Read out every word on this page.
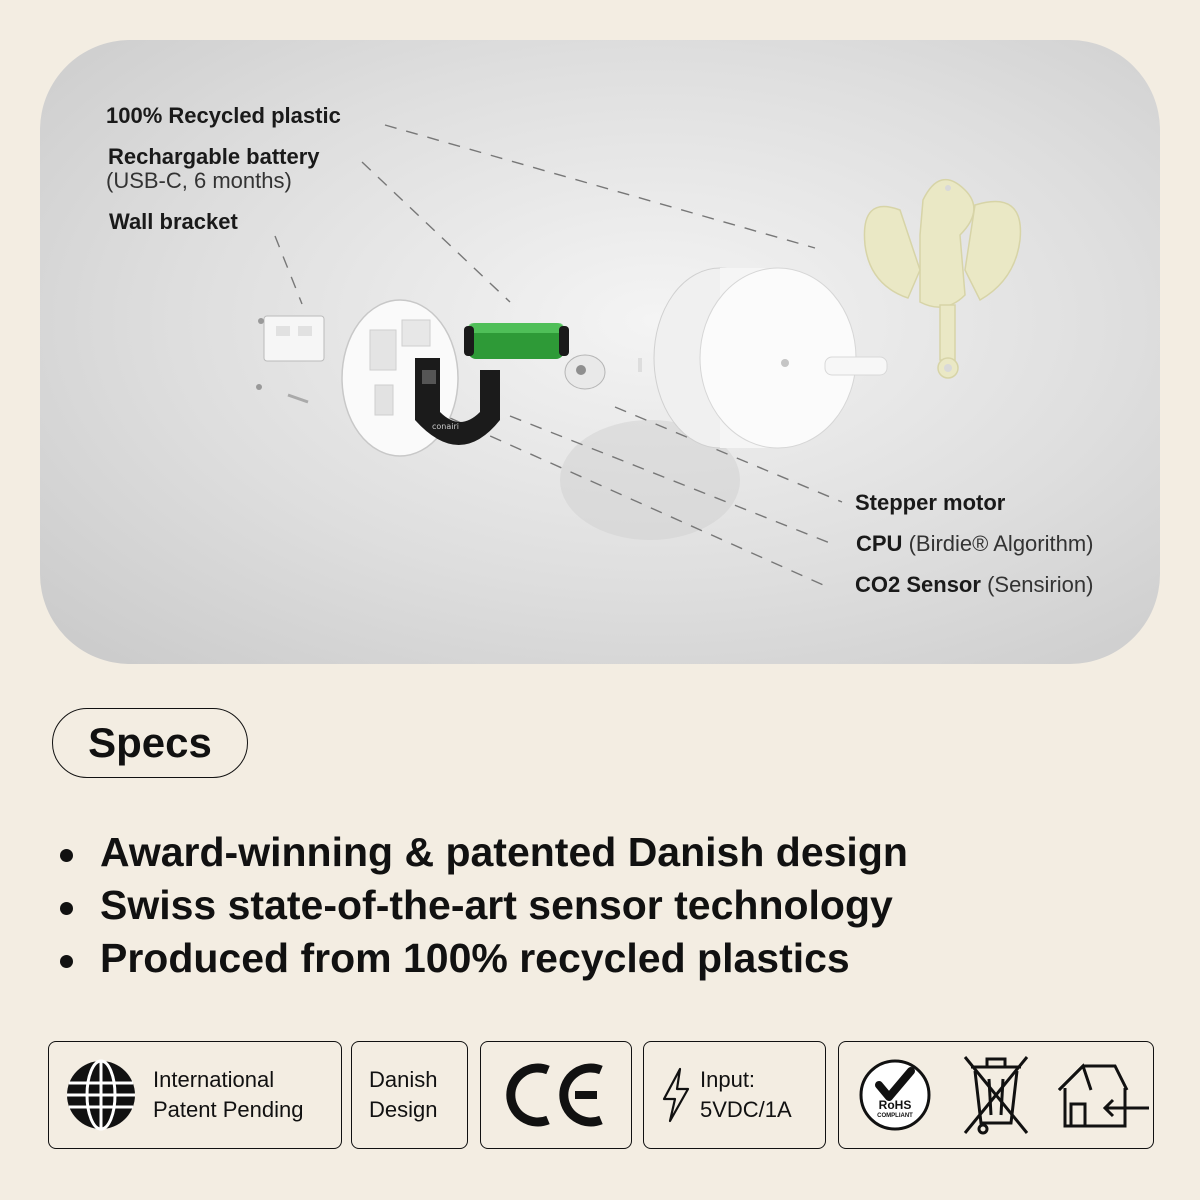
conairi
100% Recycled plastic
Rechargable battery
(USB-C, 6 months)
Wall bracket
Stepper motor
CPU (Birdie® Algorithm)
CO2 Sensor (Sensirion)
Specs
Award-winning & patented Danish design
Swiss state-of-the-art sensor technology
Produced from 100% recycled plastics
International
Patent Pending
Danish
Design
Input:
5VDC/1A	RoHS
COMPLIANT
